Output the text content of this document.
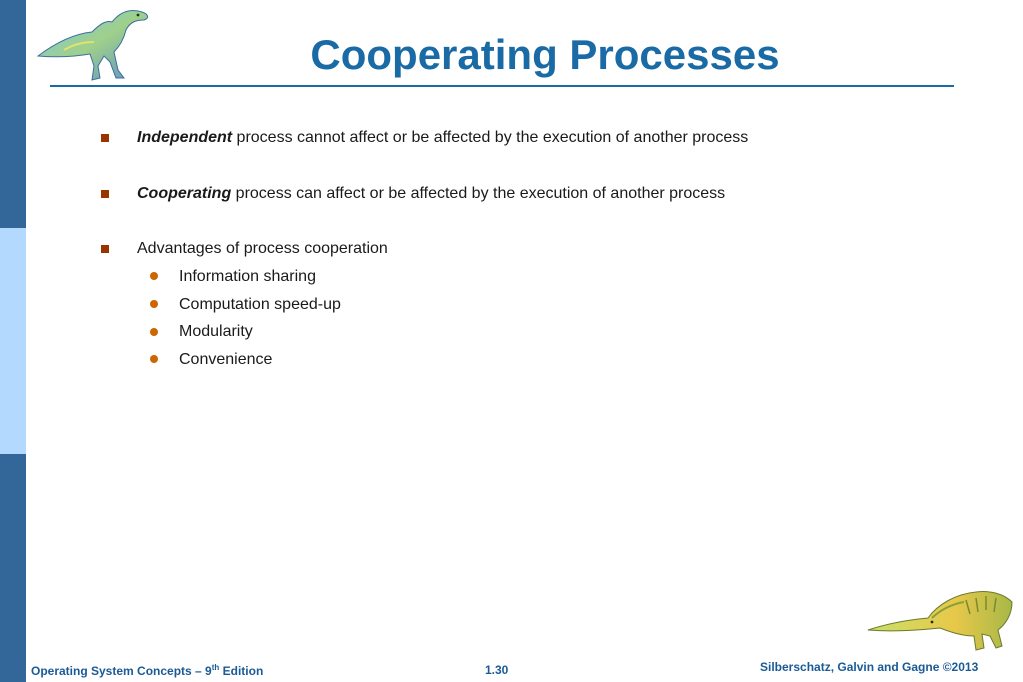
Cooperating Processes
Independent process cannot affect or be affected by the execution of another process
Cooperating process can affect or be affected by the execution of another process
Advantages of process cooperation
Information sharing
Computation speed-up
Modularity
Convenience
Operating System Concepts – 9th Edition	1.30	Silberschatz, Galvin and Gagne ©2013
